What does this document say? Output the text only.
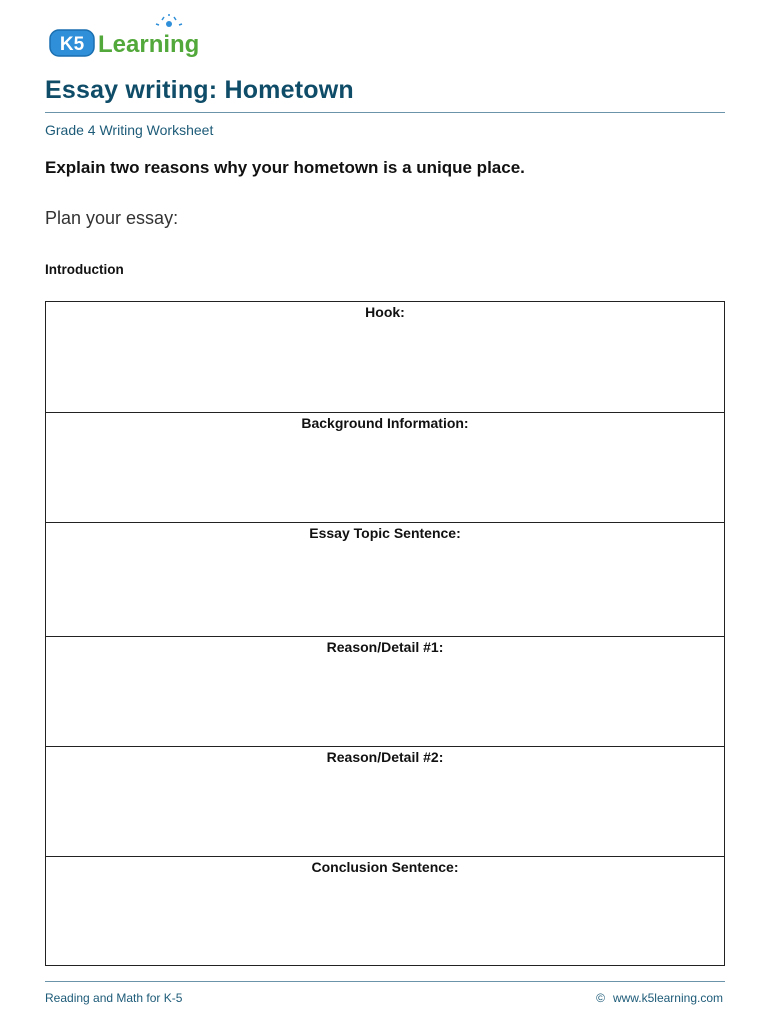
K5 Learning
Essay writing: Hometown
Grade 4 Writing Worksheet
Explain two reasons why your hometown is a unique place.
Plan your essay:
Introduction
Hook:
Background Information:
Essay Topic Sentence:
Reason/Detail #1:
Reason/Detail #2:
Conclusion Sentence:
Reading and Math for K-5	© www.k5learning.com
